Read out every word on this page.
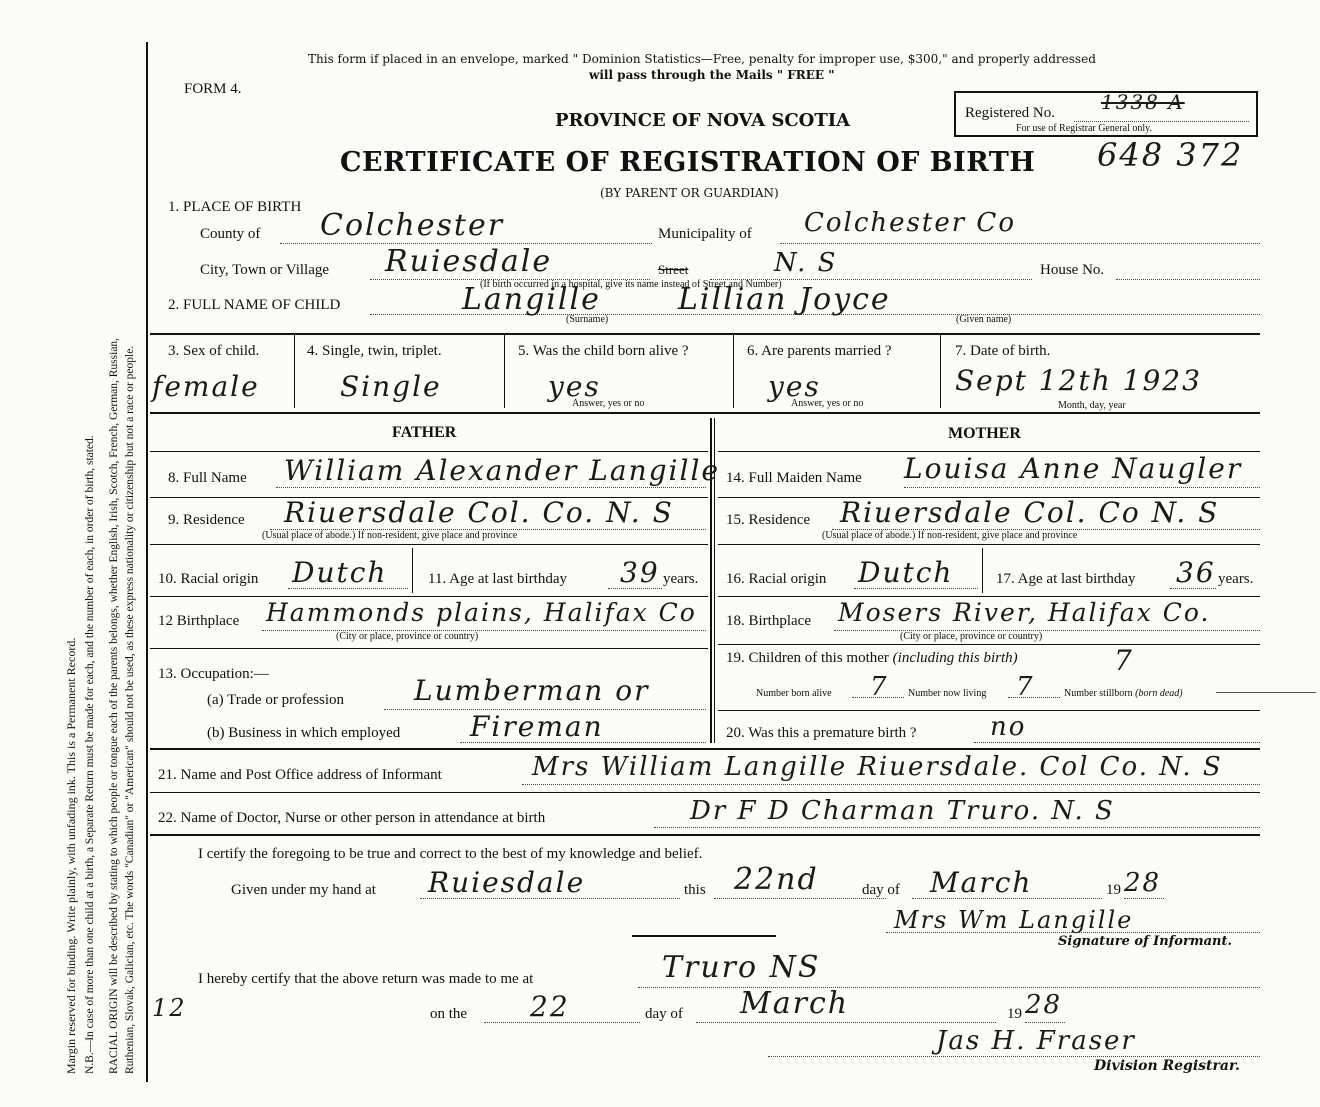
Margin reserved for binding. Write plainly, with unfading ink. This is a Permanent Record. N.B.—In case of more than one child at a birth, a Separate Return must be made for each, and the number of each, in order of birth, stated. RACIAL ORIGIN will be described by stating to which people or tongue each of the parents belongs, whether English, Irish, Scotch, French, German, Russian, Ruthenian, Slovak, Galician, etc. The words "Canadian" or "American" should not be used, as these express nationality or citizenship but not a race or people.
This form if placed in an envelope, marked " Dominion Statistics—Free, penalty for improper use, $300," and properly addressed
will pass through the Mails " FREE "
FORM 4.
PROVINCE OF NOVA SCOTIA	Registered No. 1338 A
For use of Registrar General only.
648 372
CERTIFICATE OF REGISTRATION OF BIRTH
(BY PARENT OR GUARDIAN)
1. PLACE OF BIRTH
County of Colchester	Municipality of Colchester Co
City, Town or Village Ruiesdale	Street	N. S	House No.
(If birth occurred in a hospital, give its name instead of Street and Number)
2. FULL NAME OF CHILD	Langille	Lillian Joyce
(Surname)	(Given name)
3. Sex of child.
female
4. Single, twin, triplet.
Single
5. Was the child born alive ?
yes
Answer, yes or no
6. Are parents married ?
yes
Answer, yes or no
7. Date of birth.
Sept 12th 1923
Month, day, year
FATHER	MOTHER
8. Full Name William Alexander Langille
9. Residence Riuersdale Col. Co. N. S
(Usual place of abode.) If non-resident, give place and province
10. Racial origin Dutch	11. Age at last birthday 39 years.
12 Birthplace Hammonds plains, Halifax Co
(City or place, province or country)
13. Occupation:—
(a) Trade or profession Lumberman or
(b) Business in which employed Fireman
14. Full Maiden Name Louisa Anne Naugler
15. Residence Riuersdale Col. Co N. S
(Usual place of abode.) If non-resident, give place and province
16. Racial origin Dutch	17. Age at last birthday 36 years.
18. Birthplace Mosers River, Halifax Co.
(City or place, province or country)
19. Children of this mother (including this birth)	7
Number born alive 7 Number now living 7	Number stillborn (born dead)
20. Was this a premature birth ?	no
21. Name and Post Office address of Informant	Mrs William Langille Riuersdale. Col Co. N. S
22. Name of Doctor, Nurse or other person in attendance at birth	Dr F D Charman Truro. N. S
I certify the foregoing to be true and correct to the best of my knowledge and belief.
Given under my hand at Ruiesdale	this 22nd	day of March	19 28
Mrs Wm Langille
Signature of Informant.
I hereby certify that the above return was made to me at	Truro NS
12	on the 22	day of March	19 28
Jas H. Fraser
Division Registrar.
